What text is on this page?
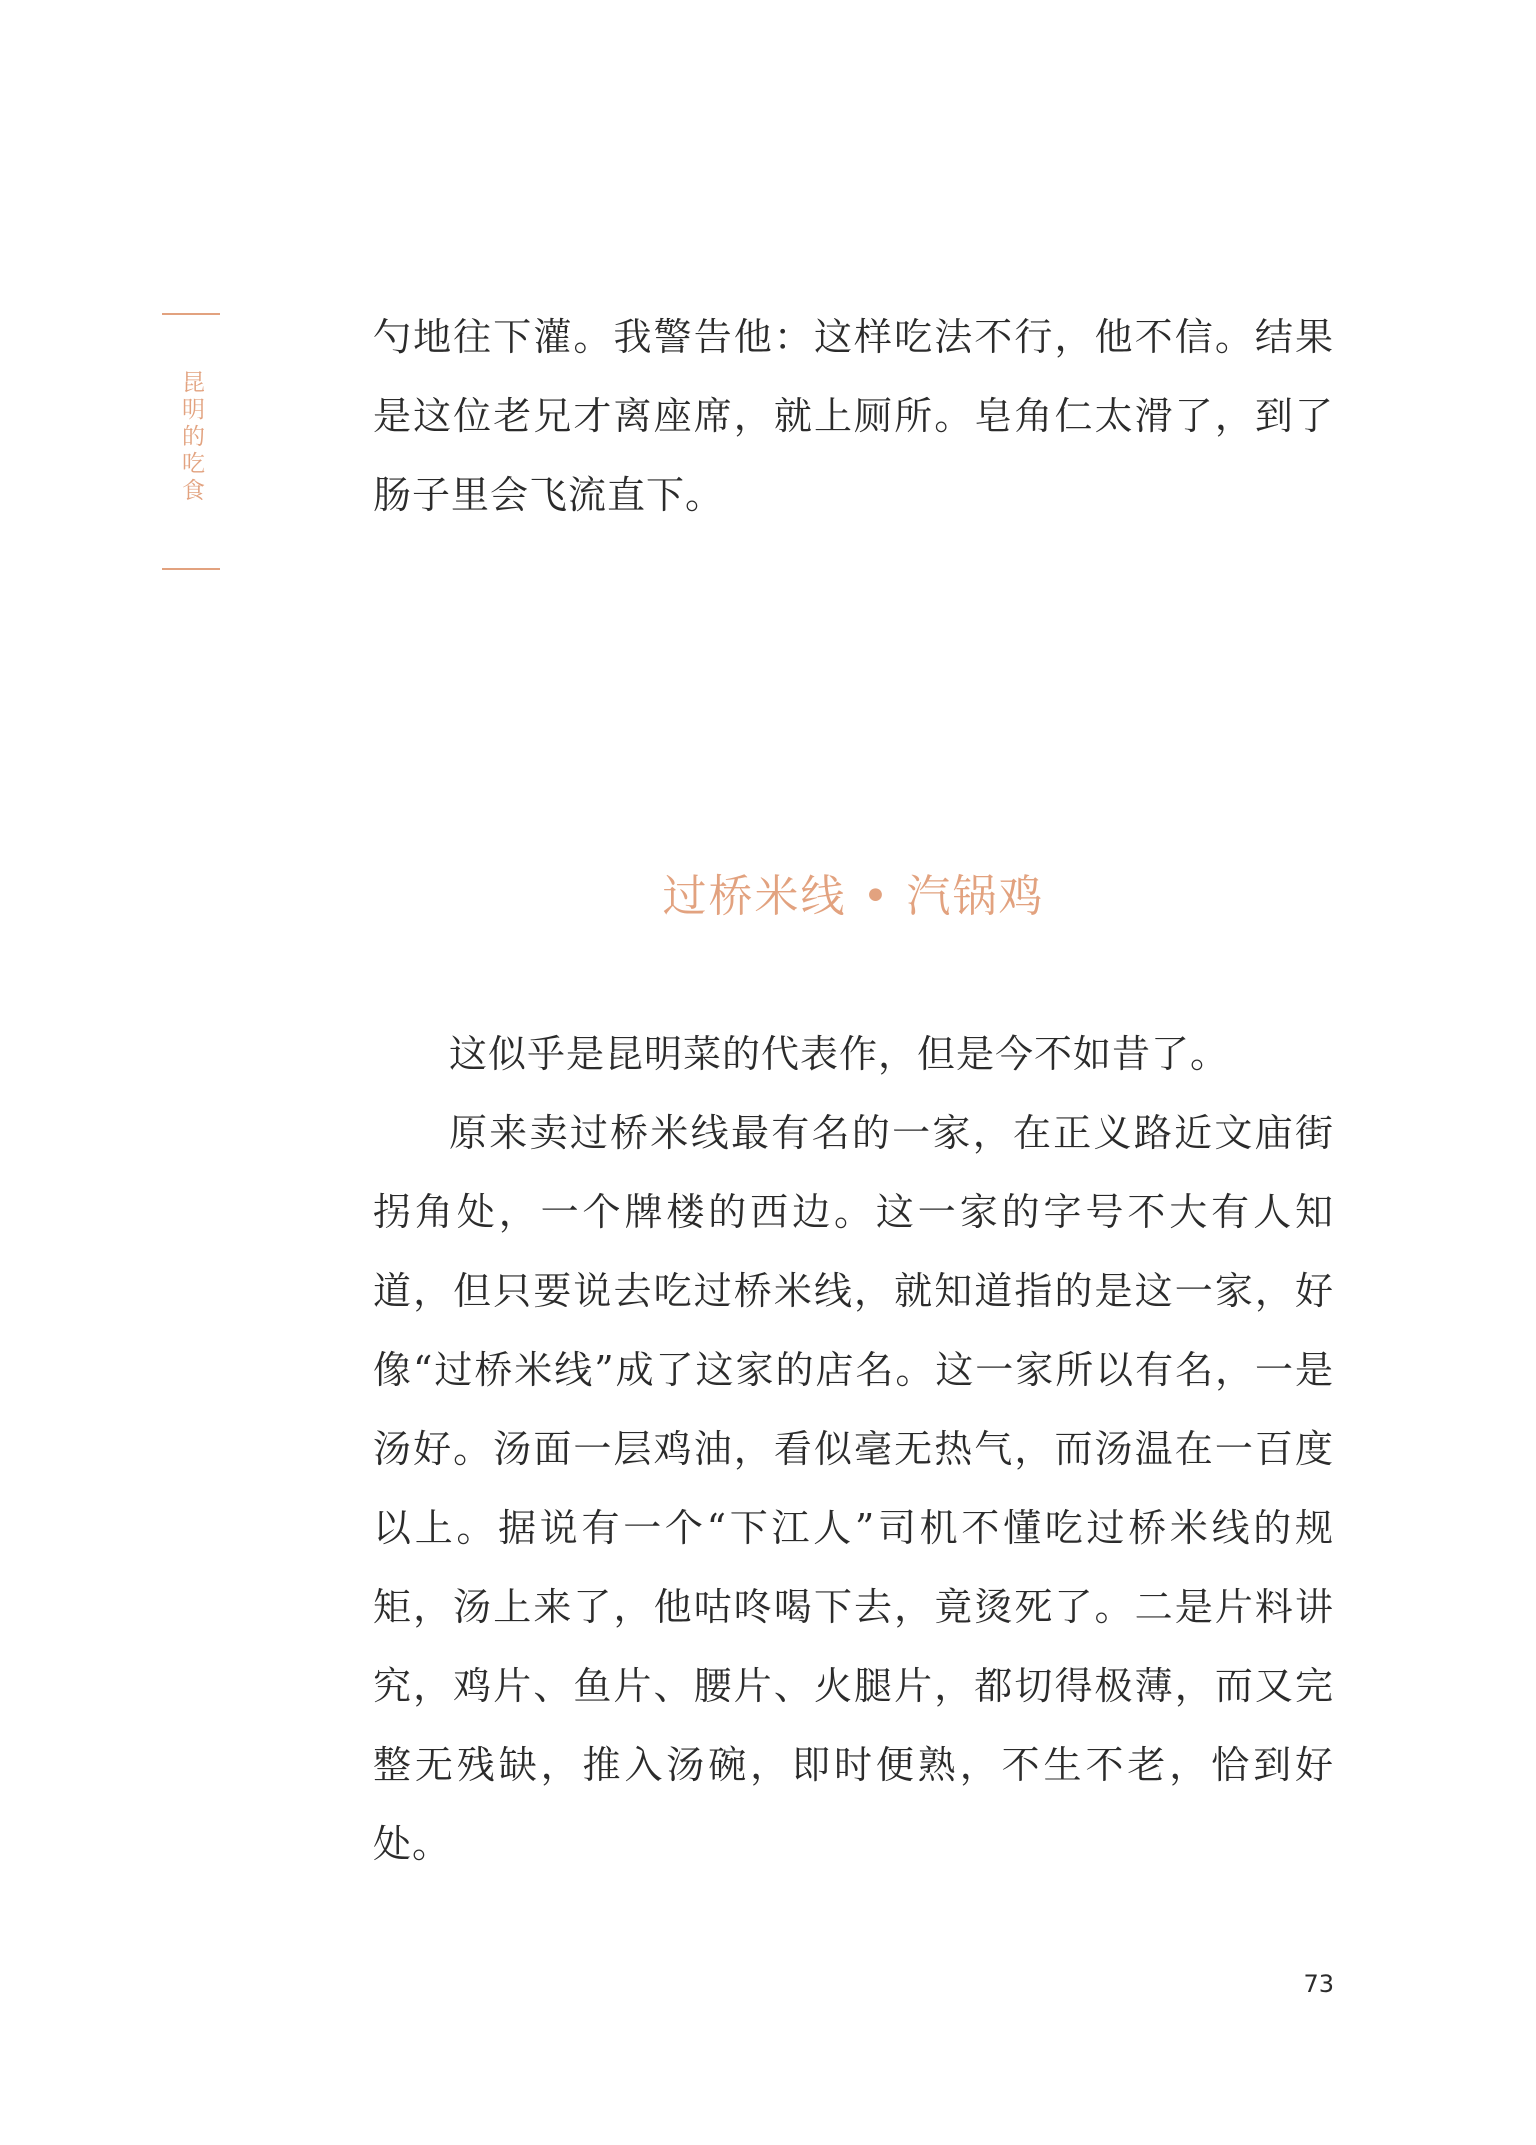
昆明的吃食

勺地往下灌。我警告他：这样吃法不行，他不信。结果是这位老兄才离座席，就上厕所。皂角仁太滑了，到了肠子里会飞流直下。

过桥米线 • 汽锅鸡

这似乎是昆明菜的代表作，但是今不如昔了。

原来卖过桥米线最有名的一家，在正义路近文庙街拐角处，一个牌楼的西边。这一家的字号不大有人知道，但只要说去吃过桥米线，就知道指的是这一家，好像“过桥米线”成了这家的店名。这一家所以有名，一是汤好。汤面一层鸡油，看似毫无热气，而汤温在一百度以上。据说有一个“下江人”司机不懂吃过桥米线的规矩，汤上来了，他咕咚喝下去，竟烫死了。二是片料讲究，鸡片、鱼片、腰片、火腿片，都切得极薄，而又完整无残缺，推入汤碗，即时便熟，不生不老，恰到好处。

73
